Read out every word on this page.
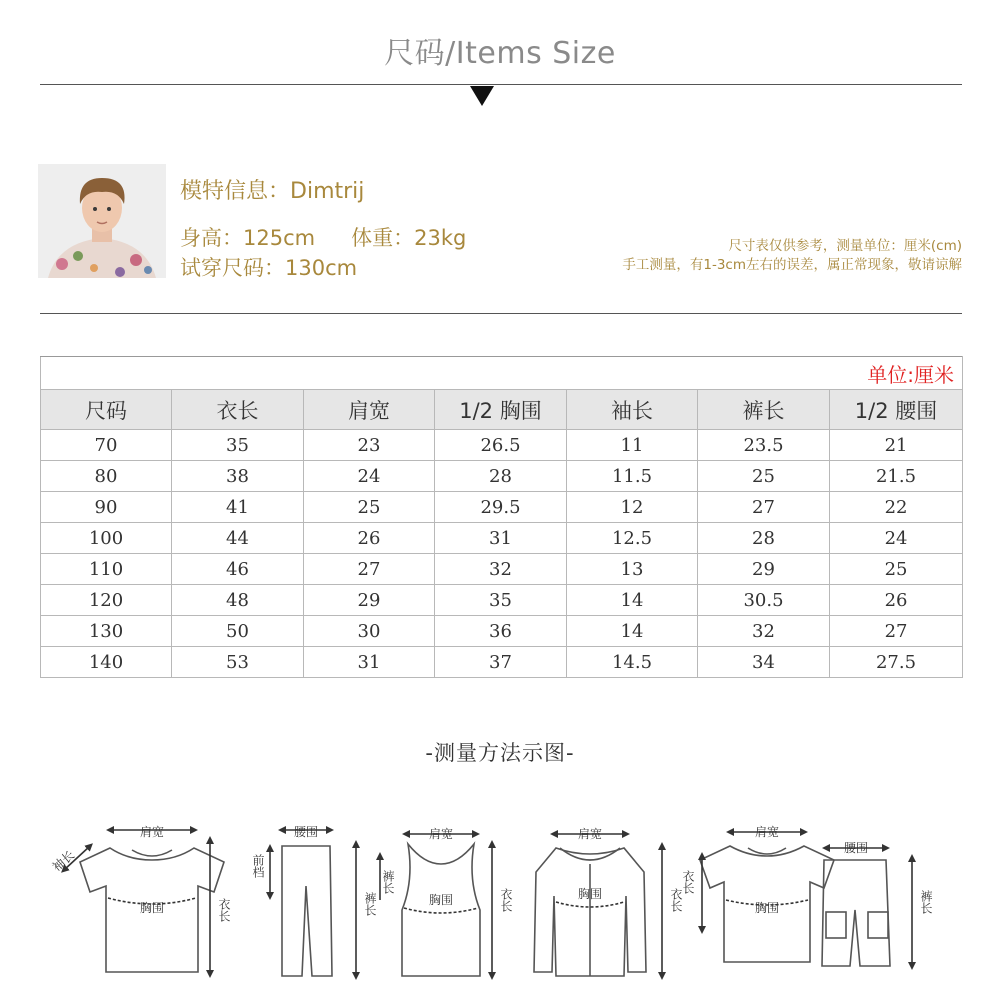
尺码/Items Size
模特信息：Dimtrij
身高：125cm 体重：23kg
试穿尺码：130cm
尺寸表仅供参考，测量单位：厘米(cm)
手工测量，有1-3cm左右的误差，属正常现象，敬请谅解
单位:厘米						
尺码	衣长	肩宽	1/2 胸围	袖长	裤长	1/2 腰围
70	35	23	26.5	11	23.5	21
80	38	24	28	11.5	25	21.5
90	41	25	29.5	12	27	22
100	44	26	31	12.5	28	24
110	46	27	32	13	29	25
120	48	29	35	14	30.5	26
130	50	30	36	14	32	27
140	53	31	37	14.5	34	27.5
-测量方法示图-
肩宽
袖长
胸围	衣长
腰围
前档
裤长
肩宽
胸围
裤长
衣长
肩宽
胸围	衣长
肩宽
胸围
衣长
腰围
裤长
